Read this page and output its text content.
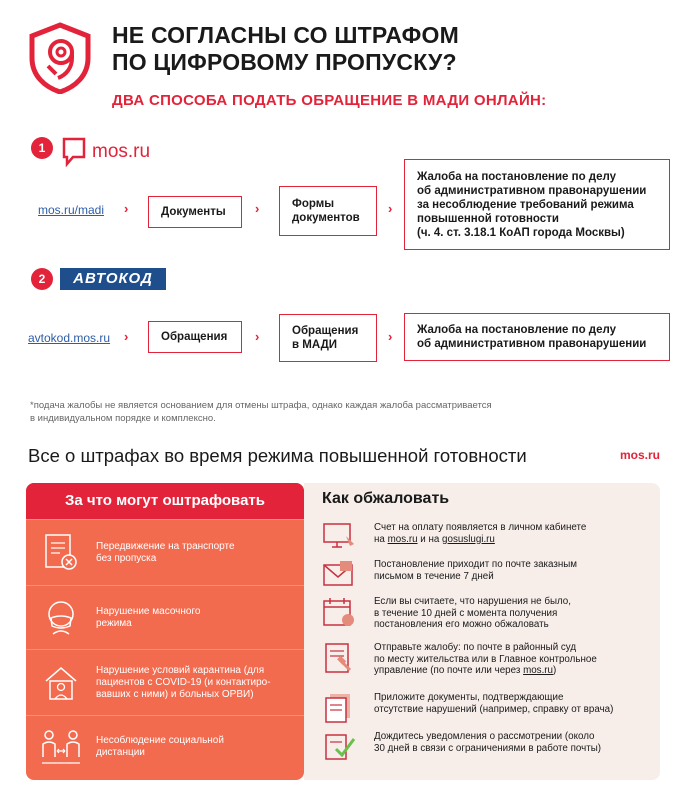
НЕ СОГЛАСНЫ СО ШТРАФОМ
ПО ЦИФРОВОМУ ПРОПУСКУ?
ДВА СПОСОБА ПОДАТЬ ОБРАЩЕНИЕ В МАДИ ОНЛАЙН:
1	mos.ru
mos.ru/madi ›	Документы	›	Формы
документов
›
Жалоба на постановление по делу
об административном правонарушении
за несоблюдение требований режима
повышенной готовности
(ч. 4. ст. 3.18.1 КоАП города Москвы)
2	АВТОКОД
avtokod.mos.ru ›	Обращения	›	Обращения
в МАДИ
› Жалоба на постановление по делу
об административном правонарушении
*подача жалобы не является основанием для отмены штрафа, однако каждая жалоба рассматривается
в индивидуальном порядке и комплексно.
Все о штрафах во время режима повышенной готовности	mos.ru
За что могут оштрафовать
Передвижение на транспорте
без пропуска
Нарушение масочного
режима
Нарушение условий карантина (для
пациентов с COVID-19 (и контактиро-
вавших с ними) и больных ОРВИ)
Несоблюдение социальной
дистанции
Как обжаловать
Счет на оплату появляется в личном кабинете
на mos.ru и на gosuslugi.ru
Постановление приходит по почте заказным
письмом в течение 7 дней
Если вы считаете, что нарушения не было,
в течение 10 дней с момента получения
постановления его можно обжаловать
Отправьте жалобу: по почте в районный суд
по месту жительства или в Главное контрольное
управление (по почте или через mos.ru)
Приложите документы, подтверждающие
отсутствие нарушений (например, справку от врача)
Дождитесь уведомления о рассмотрении (около
30 дней в связи с ограничениями в работе почты)
